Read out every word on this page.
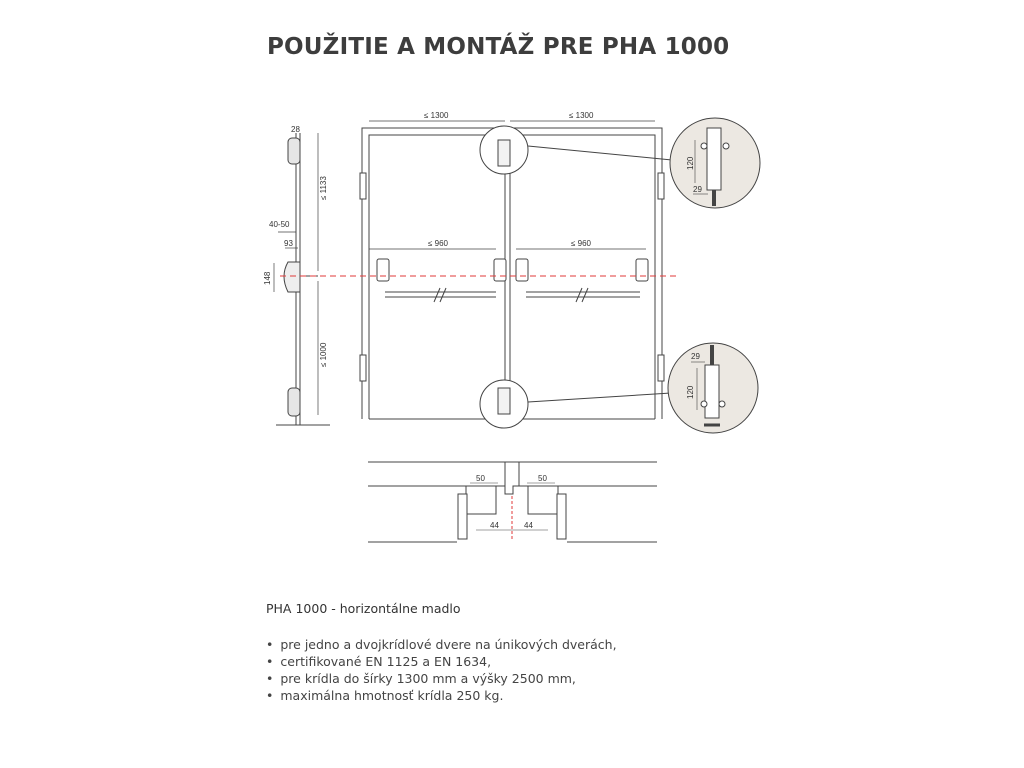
POUŽITIE A MONTÁŽ PRE PHA 1000
28
≤ 1133
40-50
93
148
≤ 1000
≤ 1300	≤ 1300
≤ 960	≤ 960
120
29
29
120
50	50
44	44

PHA 1000 - horizontálne madlo

• pre jedno a dvojkrídlové dvere na únikových dverách,
• certifikované EN 1125 a EN 1634,
• pre krídla do šírky 1300 mm a výšky 2500 mm,
• maximálna hmotnosť krídla 250 kg.
